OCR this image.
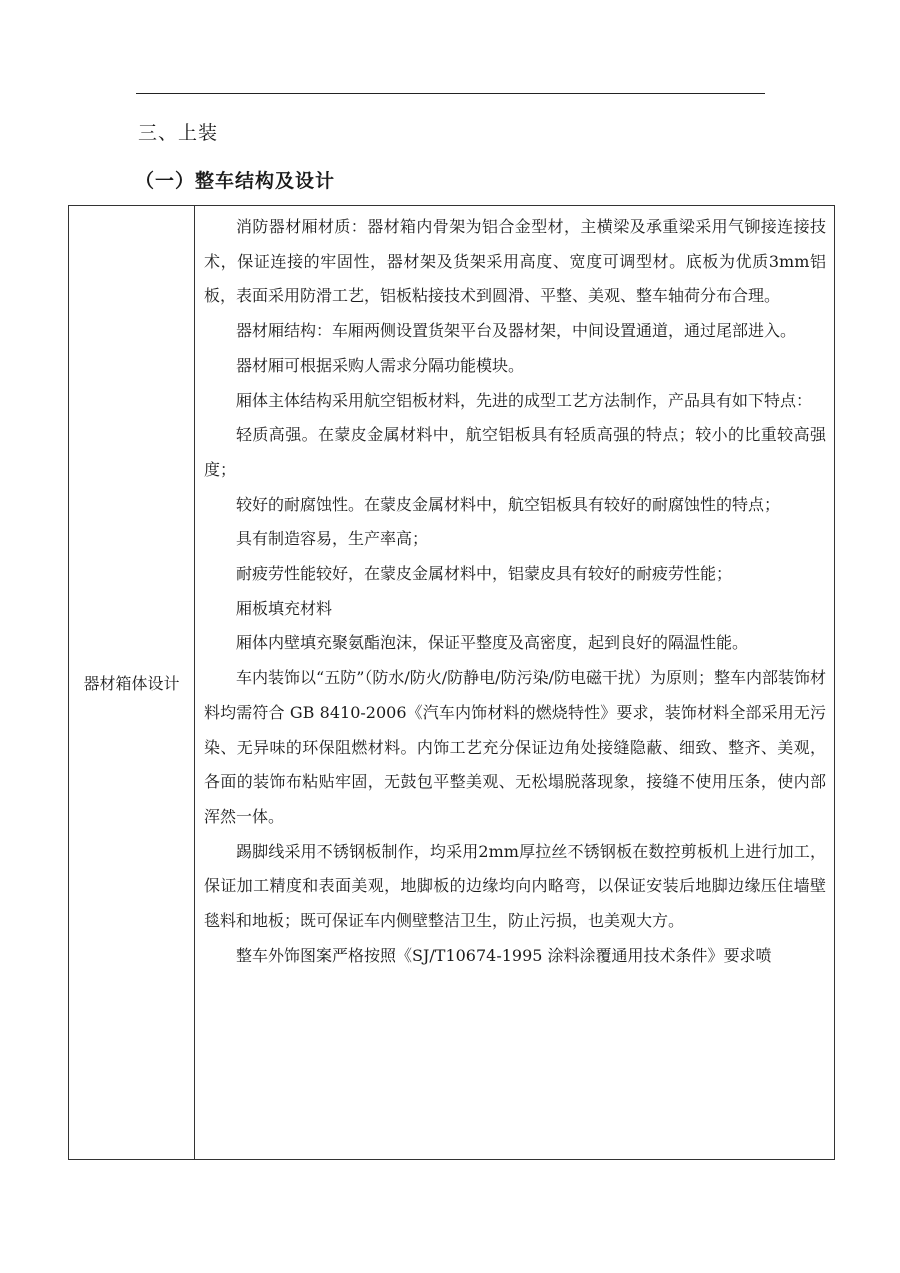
三、上装
（一）整车结构及设计
器材箱体设计

消防器材厢材质：器材箱内骨架为铝合金型材，主横梁及承重梁采用气铆接连接技术，保证连接的牢固性，器材架及货架采用高度、宽度可调型材。底板为优质3mm铝板，表面采用防滑工艺，铝板粘接技术到圆滑、平整、美观、整车轴荷分布合理。

器材厢结构：车厢两侧设置货架平台及器材架，中间设置通道，通过尾部进入。

器材厢可根据采购人需求分隔功能模块。

厢体主体结构采用航空铝板材料，先进的成型工艺方法制作，产品具有如下特点：

轻质高强。在蒙皮金属材料中，航空铝板具有轻质高强的特点；较小的比重较高强度；

较好的耐腐蚀性。在蒙皮金属材料中，航空铝板具有较好的耐腐蚀性的特点；

具有制造容易，生产率高；

耐疲劳性能较好，在蒙皮金属材料中，铝蒙皮具有较好的耐疲劳性能；

厢板填充材料

厢体内壁填充聚氨酯泡沫，保证平整度及高密度，起到良好的隔温性能。

车内装饰以“五防”（防水/防火/防静电/防污染/防电磁干扰）为原则；整车内部装饰材料均需符合 GB 8410-2006《汽车内饰材料的燃烧特性》要求，装饰材料全部采用无污染、无异味的环保阻燃材料。内饰工艺充分保证边角处接缝隐蔽、细致、整齐、美观，各面的装饰布粘贴牢固，无鼓包平整美观、无松塌脱落现象，接缝不使用压条，使内部浑然一体。

踢脚线采用不锈钢板制作，均采用2mm厚拉丝不锈钢板在数控剪板机上进行加工，保证加工精度和表面美观，地脚板的边缘均向内略弯，以保证安装后地脚边缘压住墙壁毯料和地板；既可保证车内侧壁整洁卫生，防止污损，也美观大方。

整车外饰图案严格按照《SJ/T10674-1995 涂料涂覆通用技术条件》要求喷
